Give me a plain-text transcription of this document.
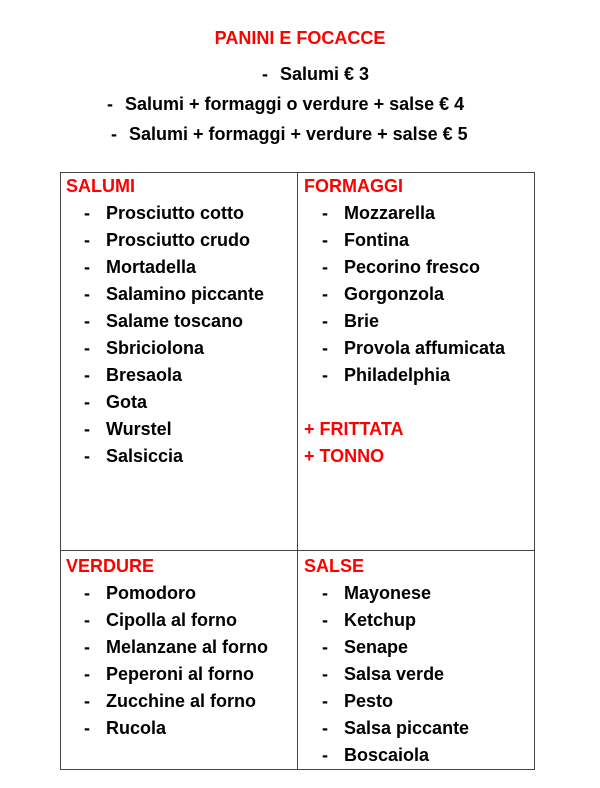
PANINI E FOCACCE
- Salumi € 3
- Salumi + formaggi o verdure + salse € 4
- Salumi + formaggi + verdure + salse € 5
SALUMI
- Prosciutto cotto
- Prosciutto crudo
- Mortadella
- Salamino piccante
- Salame toscano
- Sbriciolona
- Bresaola
- Gota
- Wurstel
- Salsiccia
FORMAGGI
- Mozzarella
- Fontina
- Pecorino fresco
- Gorgonzola
- Brie
- Provola affumicata
- Philadelphia

+ FRITTATA

+ TONNO

VERDURE
- Pomodoro
- Cipolla al forno
- Melanzane al forno
- Peperoni al forno
- Zucchine al forno
- Rucola
SALSE
- Mayonese
- Ketchup
- Senape
- Salsa verde
- Pesto
- Salsa piccante
- Boscaiola
